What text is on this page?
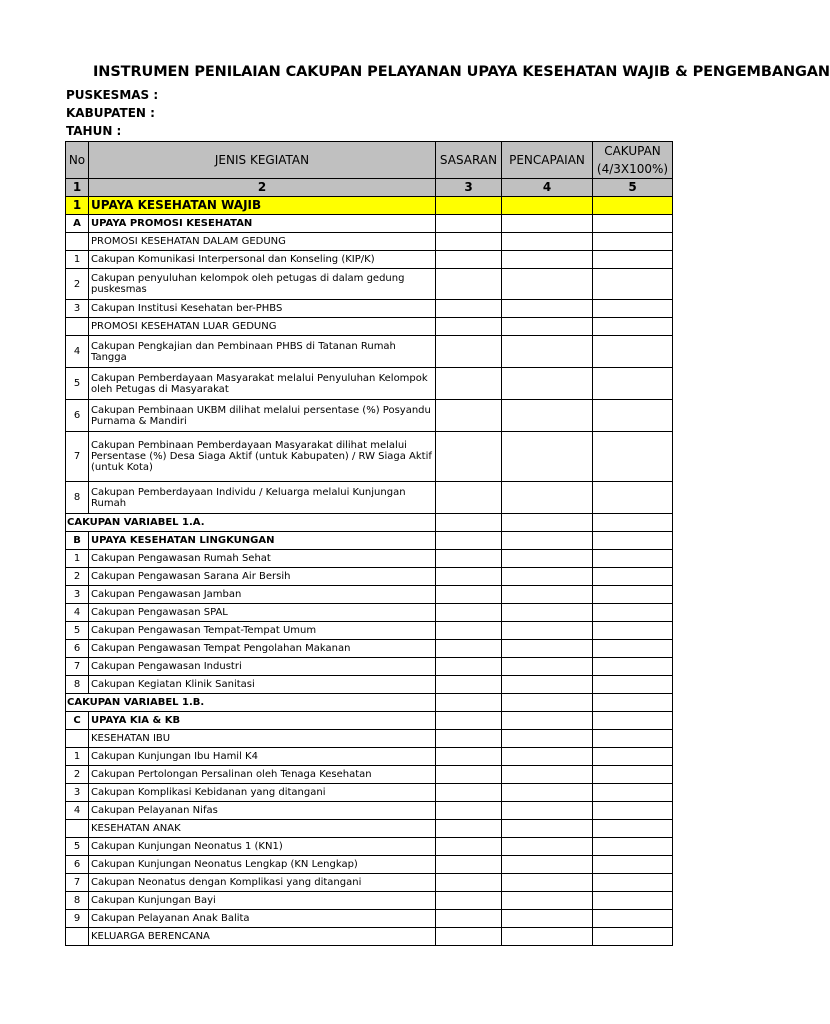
INSTRUMEN PENILAIAN CAKUPAN PELAYANAN UPAYA KESEHATAN WAJIB & PENGEMBANGAN
PUSKESMAS :
KABUPATEN :
TAHUN :
No	JENIS KEGIATAN	SASARAN	PENCAPAIAN	CAKUPAN
(4/3X100%)

1	2	3	4	5
1	UPAYA KESEHATAN WAJIB			
A	UPAYA PROMOSI KESEHATAN			
	PROMOSI KESEHATAN DALAM GEDUNG			
1	Cakupan Komunikasi Interpersonal dan Konseling (KIP/K)			
2	Cakupan penyuluhan kelompok oleh petugas di dalam gedung puskesmas			
3	Cakupan Institusi Kesehatan ber-PHBS			
	PROMOSI KESEHATAN LUAR GEDUNG			
4	Cakupan Pengkajian dan Pembinaan PHBS di Tatanan Rumah Tangga			
5	Cakupan Pemberdayaan Masyarakat melalui Penyuluhan Kelompok oleh Petugas di Masyarakat			
6	Cakupan Pembinaan UKBM dilihat melalui persentase (%) Posyandu Purnama & Mandiri			
7	Cakupan Pembinaan Pemberdayaan Masyarakat dilihat melalui Persentase (%) Desa Siaga Aktif (untuk Kabupaten) / RW Siaga Aktif (untuk Kota)			
8	Cakupan Pemberdayaan Individu / Keluarga melalui Kunjungan Rumah			
CAKUPAN VARIABEL 1.A.				
B	UPAYA KESEHATAN LINGKUNGAN			
1	Cakupan Pengawasan Rumah Sehat			
2	Cakupan Pengawasan Sarana Air Bersih			
3	Cakupan Pengawasan Jamban			
4	Cakupan Pengawasan SPAL			
5	Cakupan Pengawasan Tempat-Tempat Umum			
6	Cakupan Pengawasan Tempat Pengolahan Makanan			
7	Cakupan Pengawasan Industri			
8	Cakupan Kegiatan Klinik Sanitasi			
CAKUPAN VARIABEL 1.B.				
C	UPAYA KIA & KB			
	KESEHATAN IBU			
1	Cakupan Kunjungan Ibu Hamil K4			
2	Cakupan Pertolongan Persalinan oleh Tenaga Kesehatan			
3	Cakupan Komplikasi Kebidanan yang ditangani			
4	Cakupan Pelayanan Nifas			
	KESEHATAN ANAK			
5	Cakupan Kunjungan Neonatus 1 (KN1)			
6	Cakupan Kunjungan Neonatus Lengkap (KN Lengkap)			
7	Cakupan Neonatus dengan Komplikasi yang ditangani			
8	Cakupan Kunjungan Bayi			
9	Cakupan Pelayanan Anak Balita			
	KELUARGA BERENCANA			
